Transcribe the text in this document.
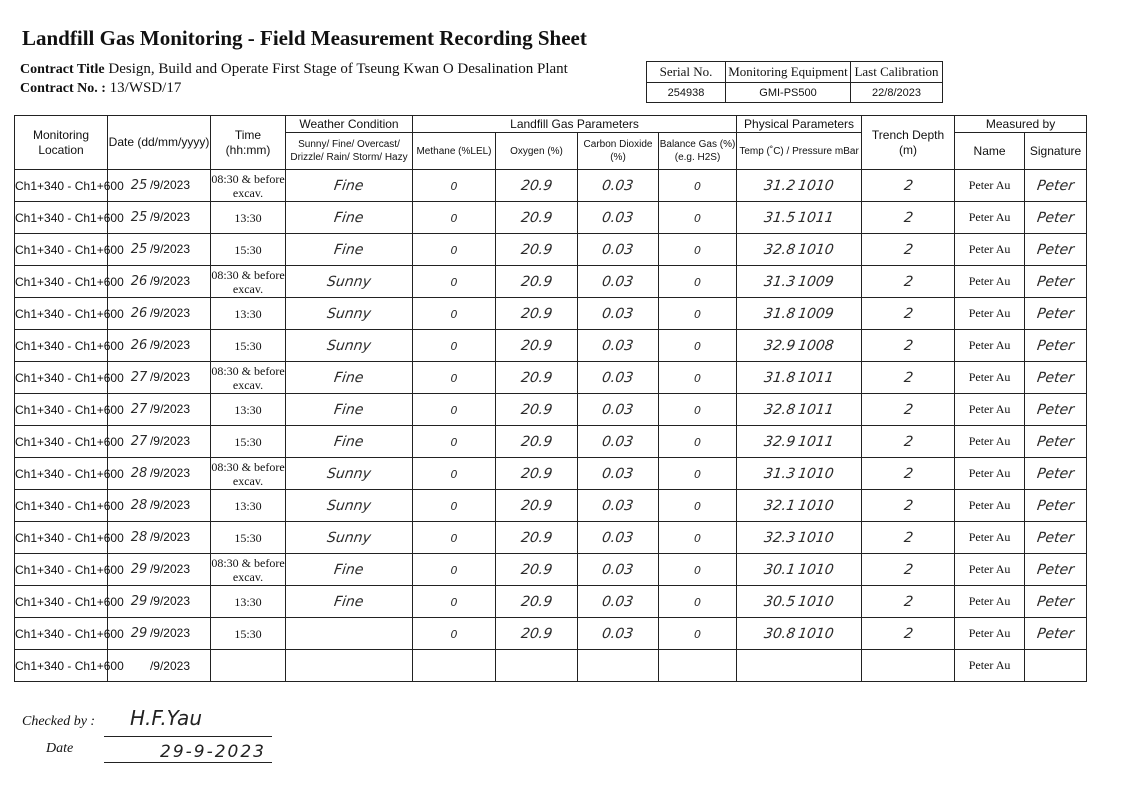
Landfill Gas Monitoring - Field Measurement Recording Sheet
Contract Title Design, Build and Operate First Stage of Tseung Kwan O Desalination Plant
Contract No. : 13/WSD/17
Serial No.	Monitoring Equipment	Last Calibration
254938	GMI-PS500	22/8/2023
Monitoring Location	Date (dd/mm/yyyy)	Time (hh:mm)	Weather Condition	Landfill Gas Parameters				Physical Parameters	Trench Depth (m)	Measured by	
			Sunny/ Fine/ Overcast/ Drizzle/ Rain/ Storm/ Hazy	Methane (%LEL)	Oxygen (%)	Carbon Dioxide (%)	Balance Gas (%) (e.g. H2S)	Temp (˚C) / Pressure mBar		Name	Signature
Ch1+340 - Ch1+600	25 /9/2023	08:30 & before excav.	Fine	0	20.9	0.03	0	31.2 1010	2	Peter Au	Peter
Ch1+340 - Ch1+600	25 /9/2023	13:30	Fine	0	20.9	0.03	0	31.5 1011	2	Peter Au	Peter
Ch1+340 - Ch1+600	25 /9/2023	15:30	Fine	0	20.9	0.03	0	32.8 1010	2	Peter Au	Peter
Ch1+340 - Ch1+600	26 /9/2023	08:30 & before excav.	Sunny	0	20.9	0.03	0	31.3 1009	2	Peter Au	Peter
Ch1+340 - Ch1+600	26 /9/2023	13:30	Sunny	0	20.9	0.03	0	31.8 1009	2	Peter Au	Peter
Ch1+340 - Ch1+600	26 /9/2023	15:30	Sunny	0	20.9	0.03	0	32.9 1008	2	Peter Au	Peter
Ch1+340 - Ch1+600	27 /9/2023	08:30 & before excav.	Fine	0	20.9	0.03	0	31.8 1011	2	Peter Au	Peter
Ch1+340 - Ch1+600	27 /9/2023	13:30	Fine	0	20.9	0.03	0	32.8 1011	2	Peter Au	Peter
Ch1+340 - Ch1+600	27 /9/2023	15:30	Fine	0	20.9	0.03	0	32.9 1011	2	Peter Au	Peter
Ch1+340 - Ch1+600	28 /9/2023	08:30 & before excav.	Sunny	0	20.9	0.03	0	31.3 1010	2	Peter Au	Peter
Ch1+340 - Ch1+600	28 /9/2023	13:30	Sunny	0	20.9	0.03	0	32.1 1010	2	Peter Au	Peter
Ch1+340 - Ch1+600	28 /9/2023	15:30	Sunny	0	20.9	0.03	0	32.3 1010	2	Peter Au	Peter
Ch1+340 - Ch1+600	29 /9/2023	08:30 & before excav.	Fine	0	20.9	0.03	0	30.1 1010	2	Peter Au	Peter
Ch1+340 - Ch1+600	29 /9/2023	13:30	Fine	0	20.9	0.03	0	30.5 1010	2	Peter Au	Peter
Ch1+340 - Ch1+600	29 /9/2023	15:30		0	20.9	0.03	0	30.8 1010	2	Peter Au	Peter
Ch1+340 - Ch1+600	/9/2023									Peter Au	
Checked by : H.F.Yau
Date	29-9-2023
